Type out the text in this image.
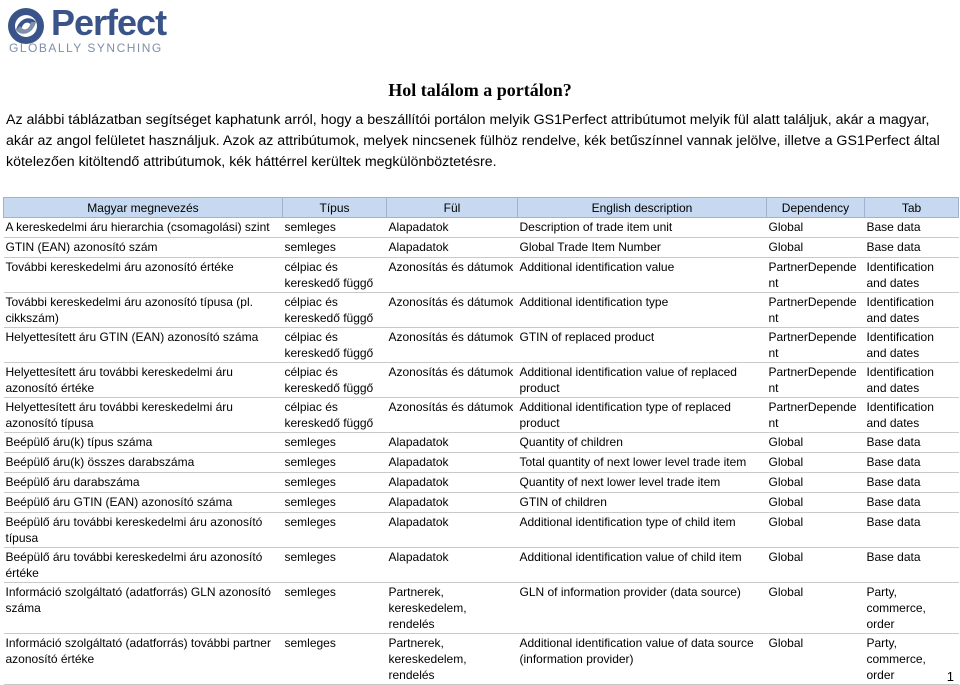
Perfect
GLOBALLY SYNCHING
Hol találom a portálon?

Az alábbi táblázatban segítséget kaphatunk arról, hogy a beszállítói portálon melyik GS1Perfect attribútumot melyik fül alatt találjuk, akár a magyar, akár az angol felületet használjuk. Azok az attribútumok, melyek nincsenek fülhöz rendelve, kék betűszínnel vannak jelölve, illetve a GS1Perfect által kötelezően kitöltendő attribútumok, kék háttérrel kerültek megkülönböztetésre.

Magyar megnevezés	Típus	Fül	English description	Dependency	Tab
A kereskedelmi áru hierarchia (csomagolási) szint	semleges	Alapadatok	Description of trade item unit	Global	Base data
GTIN (EAN) azonosító szám	semleges	Alapadatok	Global Trade Item Number	Global	Base data
További kereskedelmi áru azonosító értéke	célpiac és kereskedő függő	Azonosítás és dátumok	Additional identification value	PartnerDependent	Identification and dates
További kereskedelmi áru azonosító típusa (pl. cikkszám)	célpiac és kereskedő függő	Azonosítás és dátumok	Additional identification type	PartnerDependent	Identification and dates
Helyettesített áru GTIN (EAN) azonosító száma	célpiac és kereskedő függő	Azonosítás és dátumok	GTIN of replaced product	PartnerDependent	Identification and dates
Helyettesített áru további kereskedelmi áru azonosító értéke	célpiac és kereskedő függő	Azonosítás és dátumok	Additional identification value of replaced product	PartnerDependent	Identification and dates
Helyettesített áru további kereskedelmi áru azonosító típusa	célpiac és kereskedő függő	Azonosítás és dátumok	Additional identification type of replaced product	PartnerDependent	Identification and dates
Beépülő áru(k) típus száma	semleges	Alapadatok	Quantity of children	Global	Base data
Beépülő áru(k) összes darabszáma	semleges	Alapadatok	Total quantity of next lower level trade item	Global	Base data
Beépülő áru darabszáma	semleges	Alapadatok	Quantity of next lower level trade item	Global	Base data
Beépülő áru GTIN (EAN) azonosító száma	semleges	Alapadatok	GTIN of children	Global	Base data
Beépülő áru további kereskedelmi áru azonosító típusa	semleges	Alapadatok	Additional identification type of child item	Global	Base data
Beépülő áru további kereskedelmi áru azonosító értéke	semleges	Alapadatok	Additional identification value of child item	Global	Base data
Információ szolgáltató (adatforrás) GLN azonosító száma	semleges	Partnerek, kereskedelem, rendelés	GLN of information provider (data source)	Global	Party, commerce, order
Információ szolgáltató (adatforrás) további partner azonosító értéke	semleges	Partnerek, kereskedelem, rendelés	Additional identification value of data source (information provider)	Global	Party, commerce, order	1
